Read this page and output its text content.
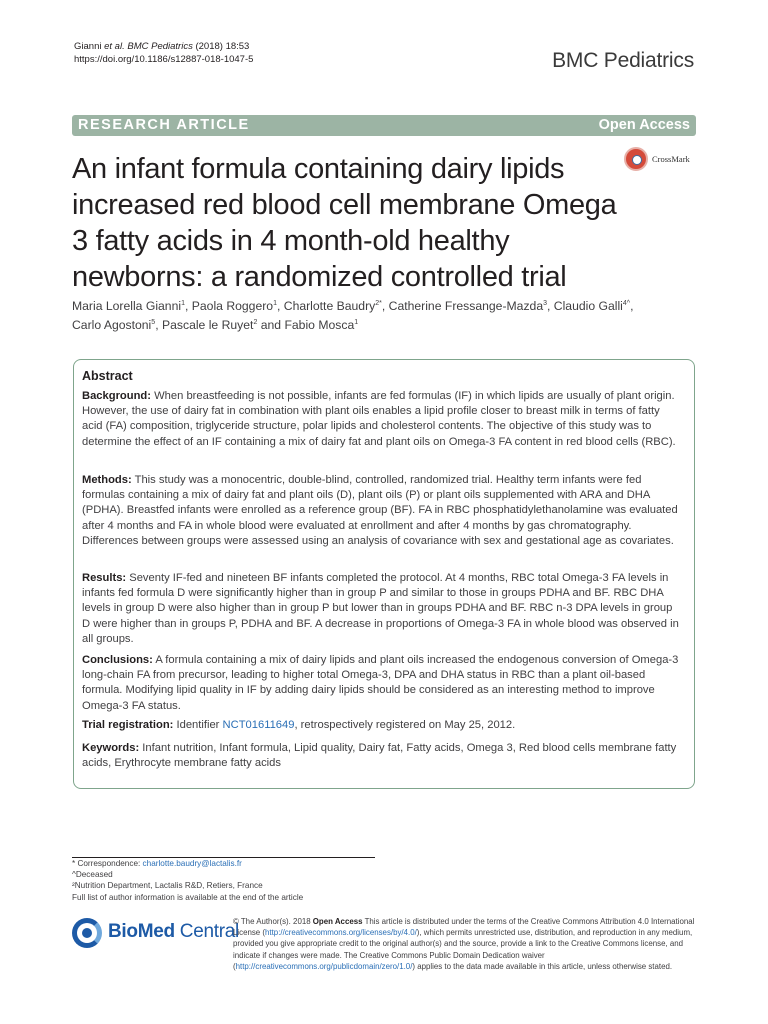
Gianni et al. BMC Pediatrics (2018) 18:53
https://doi.org/10.1186/s12887-018-1047-5	BMC Pediatrics
RESEARCH ARTICLE	Open Access
An infant formula containing dairy lipids increased red blood cell membrane Omega 3 fatty acids in 4 month-old healthy newborns: a randomized controlled trial
CrossMark
Maria Lorella Gianni$^1$, Paola Roggero$^1$, Charlotte Baudry$^{2*}$, Catherine Fressange-Mazda$^3$, Claudio Galli$^{4\^{}}$,
Carlo Agostoni$^5$, Pascale le Ruyet$^2$ and Fabio Mosca$^1$
Abstract

Background: When breastfeeding is not possible, infants are fed formulas (IF) in which lipids are usually of plant origin. However, the use of dairy fat in combination with plant oils enables a lipid profile closer to breast milk in terms of fatty acid (FA) composition, triglyceride structure, polar lipids and cholesterol contents. The objective of this study was to determine the effect of an IF containing a mix of dairy fat and plant oils on Omega-3 FA content in red blood cells (RBC).

Methods: This study was a monocentric, double-blind, controlled, randomized trial. Healthy term infants were fed formulas containing a mix of dairy fat and plant oils (D), plant oils (P) or plant oils supplemented with ARA and DHA (PDHA). Breastfed infants were enrolled as a reference group (BF). FA in RBC phosphatidylethanolamine was evaluated after 4 months and FA in whole blood were evaluated at enrollment and after 4 months by gas chromatography. Differences between groups were assessed using an analysis of covariance with sex and gestational age as covariates.

Results: Seventy IF-fed and nineteen BF infants completed the protocol. At 4 months, RBC total Omega-3 FA levels in infants fed formula D were significantly higher than in group P and similar to those in groups PDHA and BF. RBC DHA levels in group D were also higher than in group P but lower than in groups PDHA and BF. RBC n-3 DPA levels in group D were higher than in groups P, PDHA and BF. A decrease in proportions of Omega-3 FA in whole blood was observed in all groups.

Conclusions: A formula containing a mix of dairy lipids and plant oils increased the endogenous conversion of Omega-3 long-chain FA from precursor, leading to higher total Omega-3, DPA and DHA status in RBC than a plant oil-based formula. Modifying lipid quality in IF by adding dairy lipids should be considered as an interesting method to improve Omega-3 FA status.

Trial registration: Identifier NCT01611649, retrospectively registered on May 25, 2012.

Keywords: Infant nutrition, Infant formula, Lipid quality, Dairy fat, Fatty acids, Omega 3, Red blood cells membrane fatty acids, Erythrocyte membrane fatty acids

* Correspondence: charlotte.baudry@lactalis.fr
^Deceased
²Nutrition Department, Lactalis R&D, Retiers, France
Full list of author information is available at the end of the article
BioMed Central
© The Author(s). 2018 Open Access This article is distributed under the terms of the Creative Commons Attribution 4.0 International License (http://creativecommons.org/licenses/by/4.0/), which permits unrestricted use, distribution, and reproduction in any medium, provided you give appropriate credit to the original author(s) and the source, provide a link to the Creative Commons license, and indicate if changes were made. The Creative Commons Public Domain Dedication waiver (http://creativecommons.org/publicdomain/zero/1.0/) applies to the data made available in this article, unless otherwise stated.
